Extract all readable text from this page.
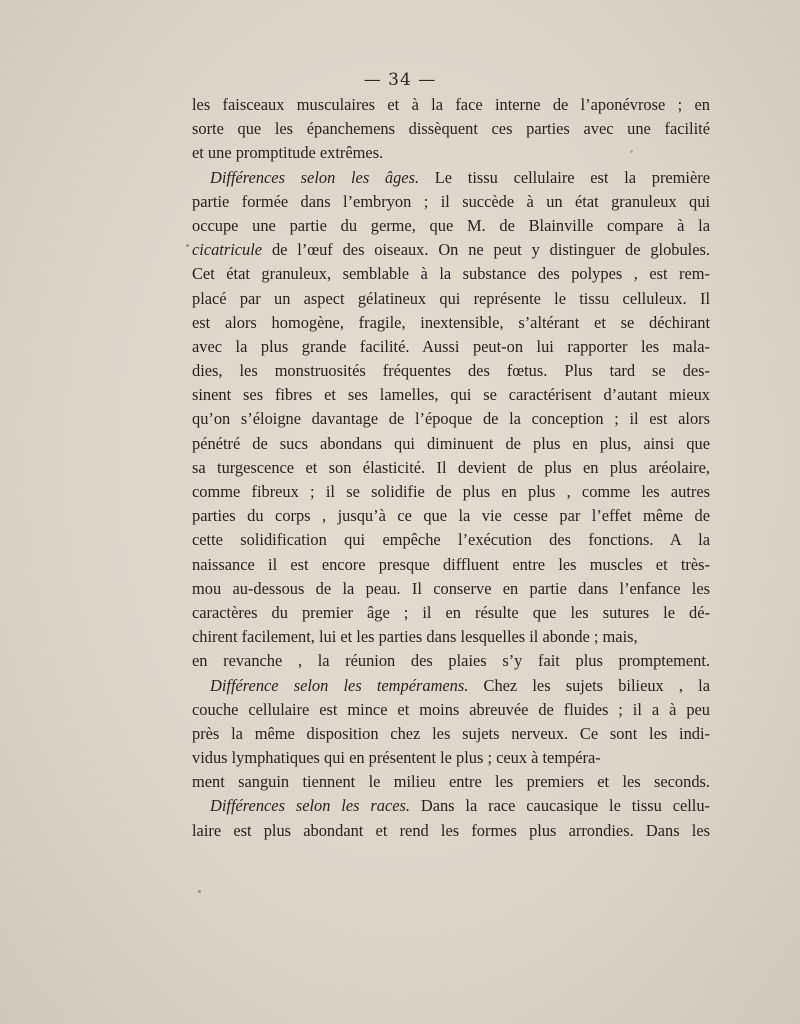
— 34 —
les faisceaux musculaires et à la face interne de l’aponévrose ; en
sorte que les épanchemens dissèquent ces parties avec une facilité
et une promptitude extrêmes.
Différences selon les âges. Le tissu cellulaire est la première
partie formée dans l’embryon ; il succède à un état granuleux qui
occupe une partie du germe, que M. de Blainville compare à la
cicatricule de l’œuf des oiseaux. On ne peut y distinguer de globules.
Cet état granuleux, semblable à la substance des polypes , est rem-
placé par un aspect gélatineux qui représente le tissu celluleux. Il
est alors homogène, fragile, inextensible, s’altérant et se déchirant
avec la plus grande facilité. Aussi peut-on lui rapporter les mala-
dies, les monstruosités fréquentes des fœtus. Plus tard se des-
sinent ses fibres et ses lamelles, qui se caractérisent d’autant mieux
qu’on s’éloigne davantage de l’époque de la conception ; il est alors
pénétré de sucs abondans qui diminuent de plus en plus, ainsi que
sa turgescence et son élasticité. Il devient de plus en plus aréolaire,
comme fibreux ; il se solidifie de plus en plus , comme les autres
parties du corps , jusqu’à ce que la vie cesse par l’effet même de
cette solidification qui empêche l’exécution des fonctions. A la
naissance il est encore presque diffluent entre les muscles et très-
mou au-dessous de la peau. Il conserve en partie dans l’enfance les
caractères du premier âge ; il en résulte que les sutures le dé-
chirent facilement, lui et les parties dans lesquelles il abonde ; mais,
en revanche , la réunion des plaies s’y fait plus promptement.
Différence selon les tempéramens. Chez les sujets bilieux , la
couche cellulaire est mince et moins abreuvée de fluides ; il a à peu
près la même disposition chez les sujets nerveux. Ce sont les indi-
vidus lymphatiques qui en présentent le plus ; ceux à tempéra-
ment sanguin tiennent le milieu entre les premiers et les seconds.
Différences selon les races. Dans la race caucasique le tissu cellu-
laire est plus abondant et rend les formes plus arrondies. Dans les
